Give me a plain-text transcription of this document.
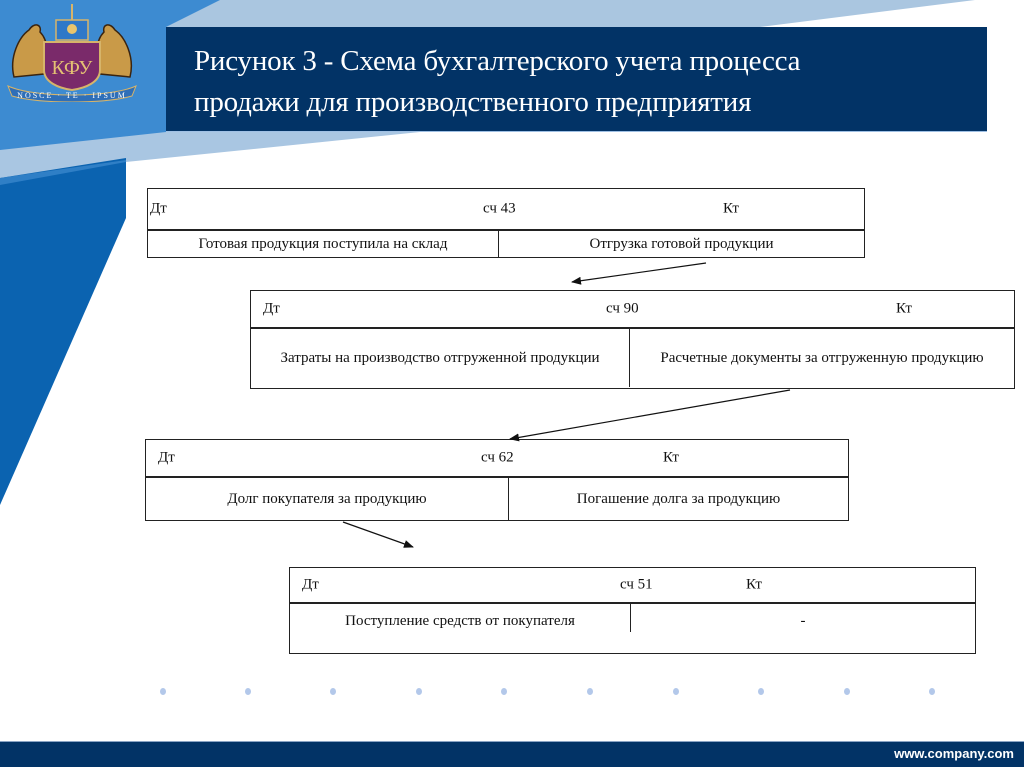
КФУ
NOSCE · TE · IPSUM
Рисунок 3 - Схема бухгалтерского учета процесса
продажи для производственного предприятия
Дт	сч 43	Кт
Готовая продукция поступила на склад	Отгрузка готовой продукции
Дт	сч 90	Кт
Затраты на производство отгруженной продукции	Расчетные документы за отгруженную продукцию
Дт	сч 62	Кт
Долг покупателя за продукцию	Погашение долга за продукцию
Дт	сч 51	Кт
Поступление средств от покупателя	-
www.company.com
